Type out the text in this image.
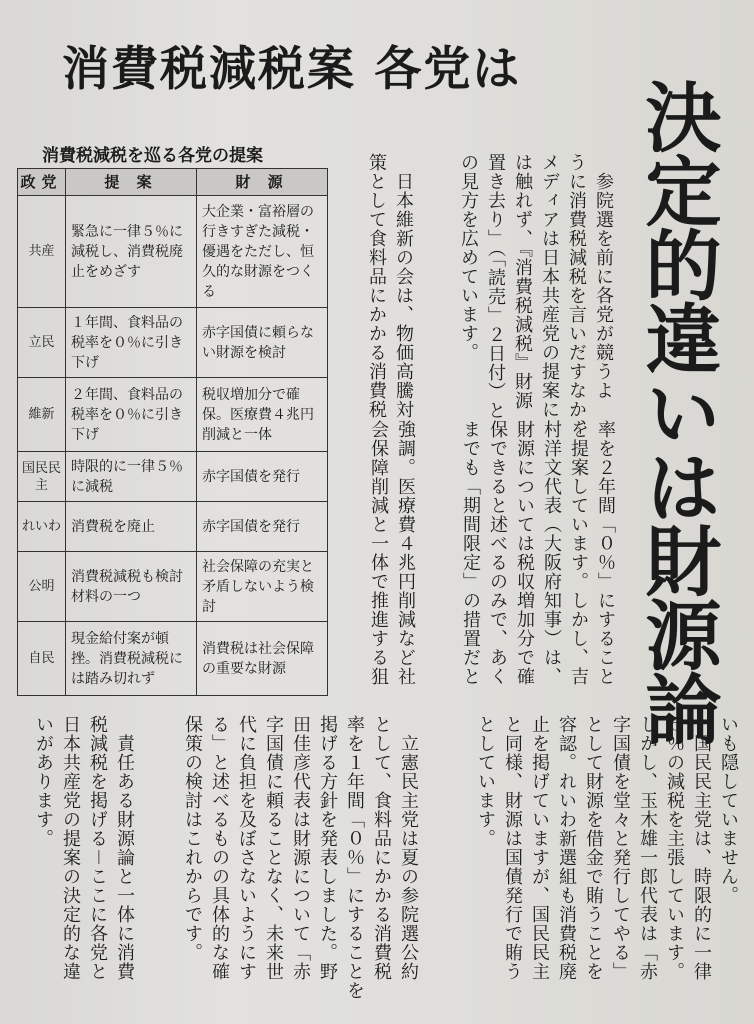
消費税減税案 各党は
決定的違いは財源論
消費税減税を巡る各党の提案
政党	提 案	財 源
共産	緊急に一律５％に減税し、消費税廃止をめざす	大企業・富裕層の行きすぎた減税・優遇をただし、恒久的な財源をつくる
立民	１年間、食料品の税率を０％に引き下げ	赤字国債に頼らない財源を検討
維新	２年間、食料品の税率を０％に引き下げ	税収増加分で確保。医療費４兆円削減と一体
国民民主	時限的に一律５％に減税	赤字国債を発行
れいわ	消費税を廃止	赤字国債を発行
公明	消費税減税も検討材料の一つ	社会保障の充実と矛盾しないよう検討
自民	現金給付案が頓挫。消費税減税には踏み切れず	消費税は社会保障の重要な財源
　参院選を前に各党が競うよ
うに消費税減税を言いだすなか、
メディアは日本共産党の提案に
は触れず、『消費税減税』財源
置き去り」（「読売」２日付）と
の見方を広めています。
　日本維新の会は、物価高騰対
策として食料品にかかる消費税
率を２年間「０％」にすること
を提案しています。しかし、吉
村洋文代表（大阪府知事）は、
財源については税収増加分で確
保できると述べるのみで、あく
までも「期間限定」の措置だと
強調。医療費４兆円削減など社
会保障削減と一体で推進する狙
いも隠していません。
　国民民主党は、時限的に一律
５％の減税を主張しています。
しかし、玉木雄一郎代表は「赤
字国債を堂々と発行してやる」
として財源を借金で賄うことを
容認。れいわ新選組も消費税廃
止を掲げていますが、国民民主
と同様、財源は国債発行で賄う
としています。
　立憲民主党は夏の参院選公約
として、食料品にかかる消費税
率を１年間「０％」にすることを
掲げる方針を発表しました。野
田佳彦代表は財源について「赤
字国債に頼ることなく、未来世
代に負担を及ぼさないようにす
る」と述べるものの具体的な確
保策の検討はこれからです。
　責任ある財源論と一体に消費
税減税を掲げる－ここに各党と
日本共産党の提案の決定的な違
いがあります。
